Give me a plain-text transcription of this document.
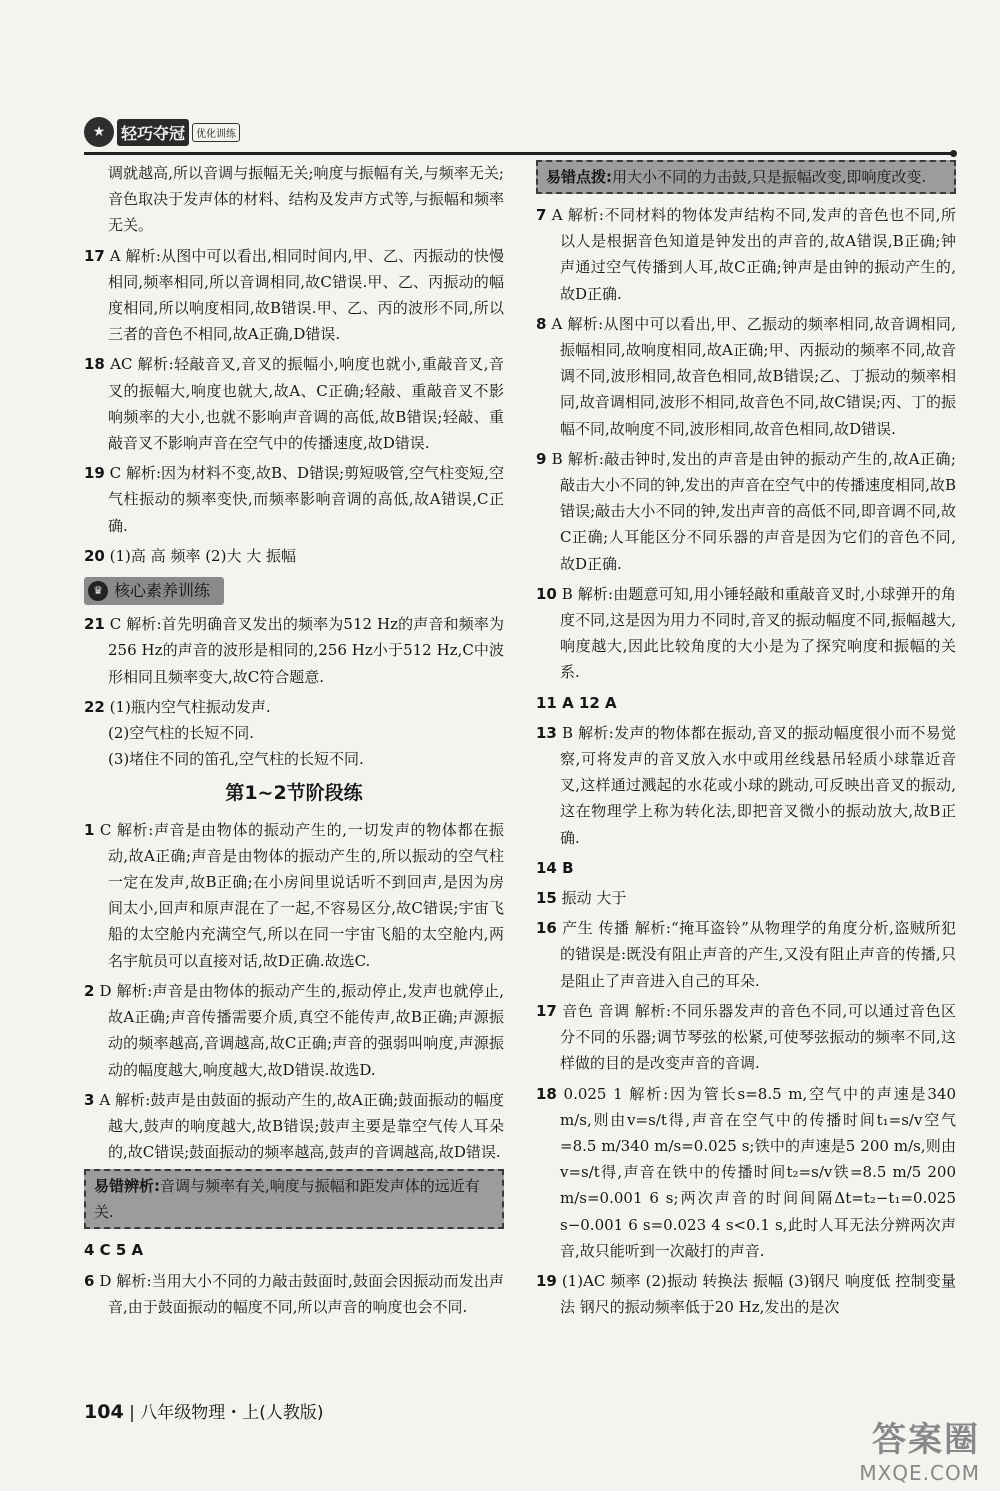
★ 轻巧夺冠	优化训练

调就越高,所以音调与振幅无关;响度与振幅有关,与频率无关;音色取决于发声体的材料、结构及发声方式等,与振幅和频率无关。

17 A 解析:从图中可以看出,相同时间内,甲、乙、丙振动的快慢相同,频率相同,所以音调相同,故C错误.甲、乙、丙振动的幅度相同,所以响度相同,故B错误.甲、乙、丙的波形不同,所以三者的音色不相同,故A正确,D错误.

18 AC 解析:轻敲音叉,音叉的振幅小,响度也就小,重敲音叉,音叉的振幅大,响度也就大,故A、C正确;轻敲、重敲音叉不影响频率的大小,也就不影响声音调的高低,故B错误;轻敲、重敲音叉不影响声音在空气中的传播速度,故D错误.

19 C 解析:因为材料不变,故B、D错误;剪短吸管,空气柱变短,空气柱振动的频率变快,而频率影响音调的高低,故A错误,C正确.

20 (1)高 高 频率 (2)大 大 振幅

♛ 核心素养训练

21 C 解析:首先明确音叉发出的频率为512 Hz的声音和频率为256 Hz的声音的波形是相同的,256 Hz小于512 Hz,C中波形相同且频率变大,故C符合题意.

22 (1)瓶内空气柱振动发声.

(2)空气柱的长短不同.

(3)堵住不同的笛孔,空气柱的长短不同.

第1~2节阶段练

1 C 解析:声音是由物体的振动产生的,一切发声的物体都在振动,故A正确;声音是由物体的振动产生的,所以振动的空气柱一定在发声,故B正确;在小房间里说话听不到回声,是因为房间太小,回声和原声混在了一起,不容易区分,故C错误;宇宙飞船的太空舱内充满空气,所以在同一宇宙飞船的太空舱内,两名宇航员可以直接对话,故D正确.故选C.

2 D 解析:声音是由物体的振动产生的,振动停止,发声也就停止,故A正确;声音传播需要介质,真空不能传声,故B正确;声源振动的频率越高,音调越高,故C正确;声音的强弱叫响度,声源振动的幅度越大,响度越大,故D错误.故选D.

3 A 解析:鼓声是由鼓面的振动产生的,故A正确;鼓面振动的幅度越大,鼓声的响度越大,故B错误;鼓声主要是靠空气传人耳朵的,故C错误;鼓面振动的频率越高,鼓声的音调越高,故D错误.

易错辨析:音调与频率有关,响度与振幅和距发声体的远近有关.

4 C 5 A

6 D 解析:当用大小不同的力敲击鼓面时,鼓面会因振动而发出声音,由于鼓面振动的幅度不同,所以声音的响度也会不同.

易错点拨:用大小不同的力击鼓,只是振幅改变,即响度改变.

7 A 解析:不同材料的物体发声结构不同,发声的音色也不同,所以人是根据音色知道是钟发出的声音的,故A错误,B正确;钟声通过空气传播到人耳,故C正确;钟声是由钟的振动产生的,故D正确.

8 A 解析:从图中可以看出,甲、乙振动的频率相同,故音调相同,振幅相同,故响度相同,故A正确;甲、丙振动的频率不同,故音调不同,波形相同,故音色相同,故B错误;乙、丁振动的频率相同,故音调相同,波形不相同,故音色不同,故C错误;丙、丁的振幅不同,故响度不同,波形相同,故音色相同,故D错误.

9 B 解析:敲击钟时,发出的声音是由钟的振动产生的,故A正确;敲击大小不同的钟,发出的声音在空气中的传播速度相同,故B错误;敲击大小不同的钟,发出声音的高低不同,即音调不同,故C正确;人耳能区分不同乐器的声音是因为它们的音色不同,故D正确.

10 B 解析:由题意可知,用小锤轻敲和重敲音叉时,小球弹开的角度不同,这是因为用力不同时,音叉的振动幅度不同,振幅越大,响度越大,因此比较角度的大小是为了探究响度和振幅的关系.

11 A 12 A

13 B 解析:发声的物体都在振动,音叉的振动幅度很小而不易觉察,可将发声的音叉放入水中或用丝线悬吊轻质小球靠近音叉,这样通过溅起的水花或小球的跳动,可反映出音叉的振动,这在物理学上称为转化法,即把音叉微小的振动放大,故B正确.

14 B

15 振动 大于

16 产生 传播 解析:“掩耳盗铃”从物理学的角度分析,盗贼所犯的错误是:既没有阻止声音的产生,又没有阻止声音的传播,只是阻止了声音进入自己的耳朵.

17 音色 音调 解析:不同乐器发声的音色不同,可以通过音色区分不同的乐器;调节琴弦的松紧,可使琴弦振动的频率不同,这样做的目的是改变声音的音调.

18 0.025 1 解析:因为管长s=8.5 m,空气中的声速是340 m/s,则由v=s/t得,声音在空气中的传播时间t₁=s/v空气=8.5 m/340 m/s=0.025 s;铁中的声速是5 200 m/s,则由v=s/t得,声音在铁中的传播时间t₂=s/v铁=8.5 m/5 200 m/s=0.001 6 s;两次声音的时间间隔Δt=t₂−t₁=0.025 s−0.001 6 s=0.023 4 s<0.1 s,此时人耳无法分辨两次声音,故只能听到一次敲打的声音.

19 (1)AC 频率 (2)振动 转换法 振幅 (3)钢尺 响度低 控制变量法 钢尺的振动频率低于20 Hz,发出的是次

104 | 八年级物理・上(人教版)
答案圈
MXQE.COM
